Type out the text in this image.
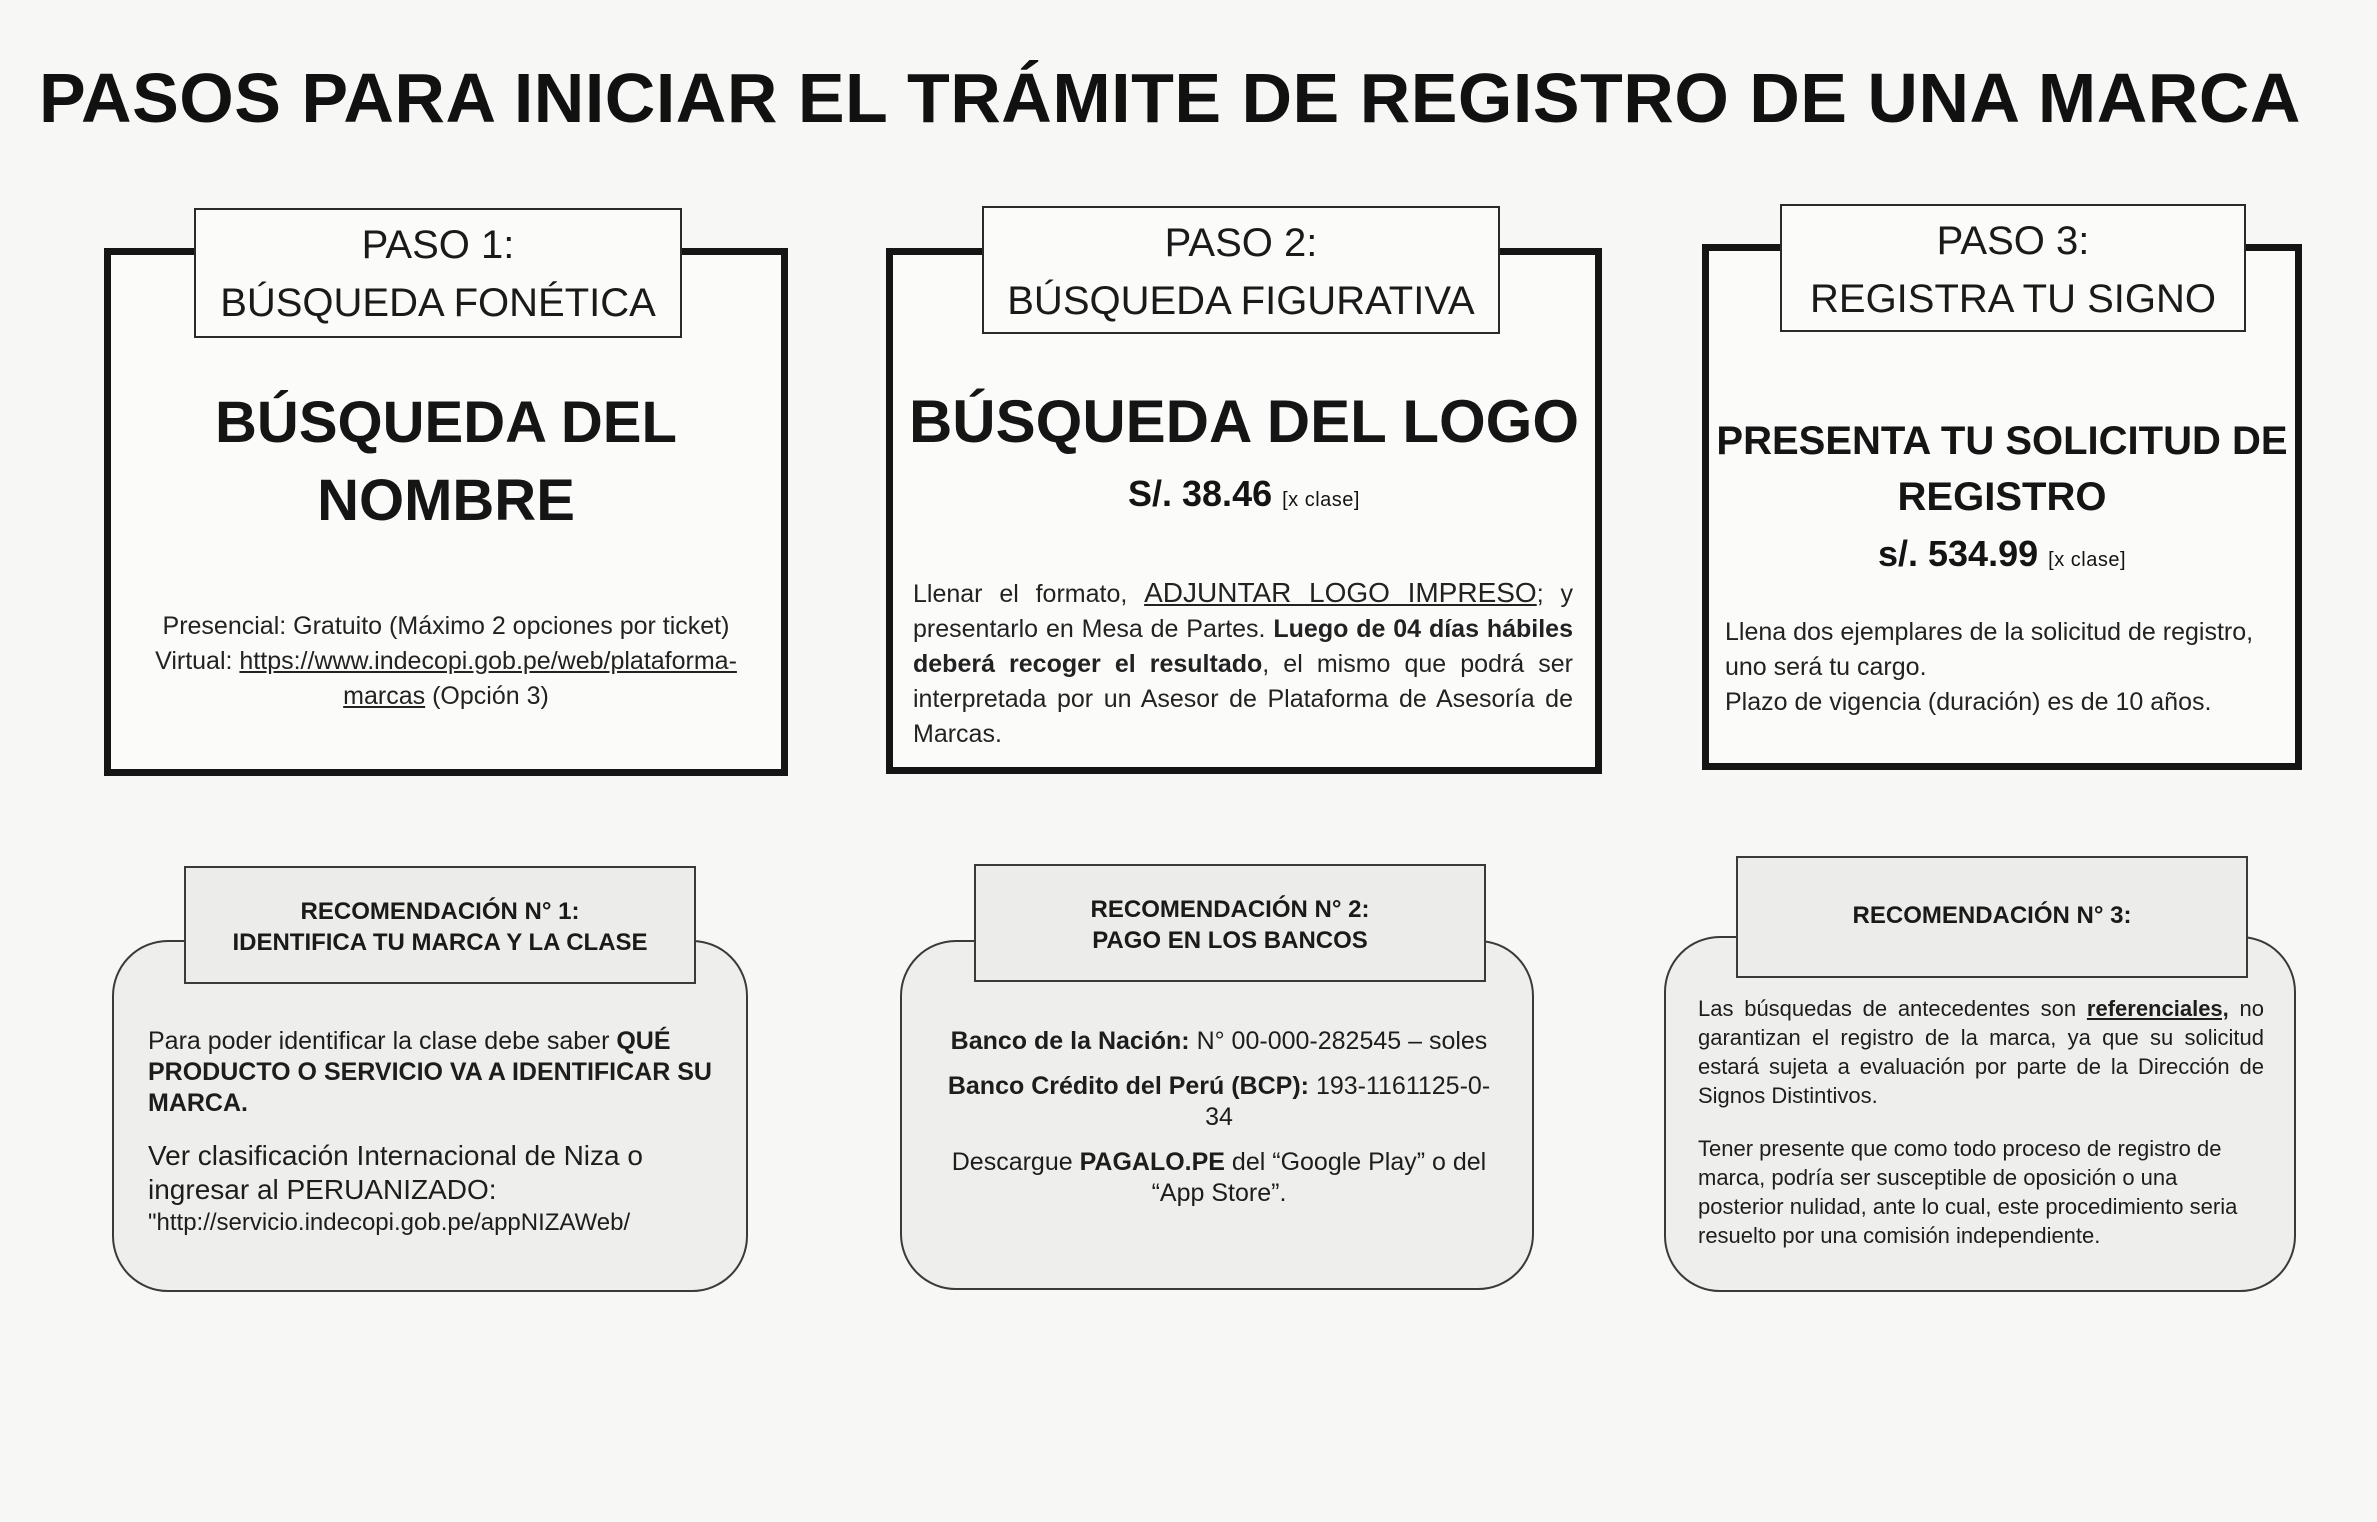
PASOS PARA INICIAR EL TRÁMITE DE REGISTRO DE UNA MARCA
BÚSQUEDA DEL
NOMBRE
Presencial: Gratuito (Máximo 2 opciones por ticket)
Virtual: https://www.indecopi.gob.pe/web/plataforma-
marcas (Opción 3)
PASO 1:
BÚSQUEDA FONÉTICA
BÚSQUEDA DEL LOGO
S/. 38.46 [x clase]
Llenar el formato, ADJUNTAR LOGO IMPRESO; y presentarlo en Mesa de Partes. Luego de 04 días hábiles deberá recoger el resultado, el mismo que podrá ser interpretada por un Asesor de Plataforma de Asesoría de Marcas.
PASO 2:
BÚSQUEDA FIGURATIVA
PRESENTA TU SOLICITUD DE
REGISTRO
s/. 534.99 [x clase]
Llena dos ejemplares de la solicitud de registro, uno será tu cargo.
Plazo de vigencia (duración) es de 10 años.
PASO 3:
REGISTRA TU SIGNO

Para poder identificar la clase debe saber QUÉ PRODUCTO O SERVICIO VA A IDENTIFICAR SU MARCA.

Ver clasificación Internacional de Niza o ingresar al PERUANIZADO:

"http://servicio.indecopi.gob.pe/appNIZAWeb/

RECOMENDACIÓN N° 1:
IDENTIFICA TU MARCA Y LA CLASE

Banco de la Nación: N° 00-000-282545 – soles

Banco Crédito del Perú (BCP): 193-1161125-0-34

Descargue PAGALO.PE del “Google Play” o del “App Store”.

RECOMENDACIÓN N° 2:
PAGO EN LOS BANCOS

Las búsquedas de antecedentes son referenciales, no garantizan el registro de la marca, ya que su solicitud estará sujeta a evaluación por parte de la Dirección de Signos Distintivos.

Tener presente que como todo proceso de registro de marca, podría ser susceptible de oposición o una posterior nulidad, ante lo cual, este procedimiento seria resuelto por una comisión independiente.

RECOMENDACIÓN N° 3:
